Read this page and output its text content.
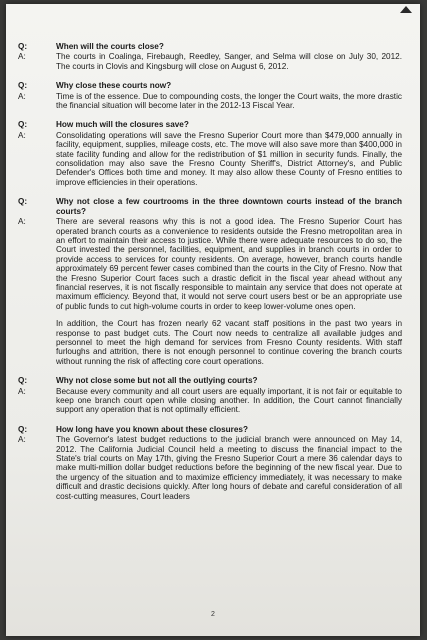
Q:	When will the courts close?
A:	The courts in Coalinga, Firebaugh, Reedley, Sanger, and Selma will close on July 30, 2012. The courts in Clovis and Kingsburg will close on August 6, 2012.
Q:	Why close these courts now?
A:	Time is of the essence. Due to compounding costs, the longer the Court waits, the more drastic the financial situation will become later in the 2012-13 Fiscal Year.
Q:	How much will the closures save?
A:	Consolidating operations will save the Fresno Superior Court more than $479,000 annually in facility, equipment, supplies, mileage costs, etc. The move will also save more than $400,000 in state facility funding and allow for the redistribution of $1 million in security funds. Finally, the consolidation may also save the Fresno County Sheriff's, District Attorney's, and Public Defender's Offices both time and money. It may also allow these County of Fresno entities to improve efficiencies in their operations.
Q:	Why not close a few courtrooms in the three downtown courts instead of the branch courts?
A:	There are several reasons why this is not a good idea. The Fresno Superior Court has operated branch courts as a convenience to residents outside the Fresno metropolitan area in an effort to maintain their access to justice. While there were adequate resources to do so, the Court invested the personnel, facilities, equipment, and supplies in branch courts in order to provide access to services for county residents. On average, however, branch courts handle approximately 69 percent fewer cases combined than the courts in the City of Fresno. Now that the Fresno Superior Court faces such a drastic deficit in the fiscal year ahead without any financial reserves, it is not fiscally responsible to maintain any service that does not operate at maximum efficiency. Beyond that, it would not serve court users best or be an appropriate use of public funds to cut high-volume courts in order to keep lower-volume ones open.
In addition, the Court has frozen nearly 62 vacant staff positions in the past two years in response to past budget cuts. The Court now needs to centralize all available judges and personnel to meet the high demand for services from Fresno County residents. With staff furloughs and attrition, there is not enough personnel to continue covering the branch courts without running the risk of affecting core court operations.
Q:	Why not close some but not all the outlying courts?
A:	Because every community and all court users are equally important, it is not fair or equitable to keep one branch court open while closing another. In addition, the Court cannot financially support any operation that is not optimally efficient.
Q:	How long have you known about these closures?
A:	The Governor's latest budget reductions to the judicial branch were announced on May 14, 2012. The California Judicial Council held a meeting to discuss the financial impact to the State's trial courts on May 17th, giving the Fresno Superior Court a mere 36 calendar days to make multi-million dollar budget reductions before the beginning of the new fiscal year. Due to the urgency of the situation and to maximize efficiency immediately, it was necessary to make difficult and drastic decisions quickly. After long hours of debate and careful consideration of all cost-cutting measures, Court leaders
2
